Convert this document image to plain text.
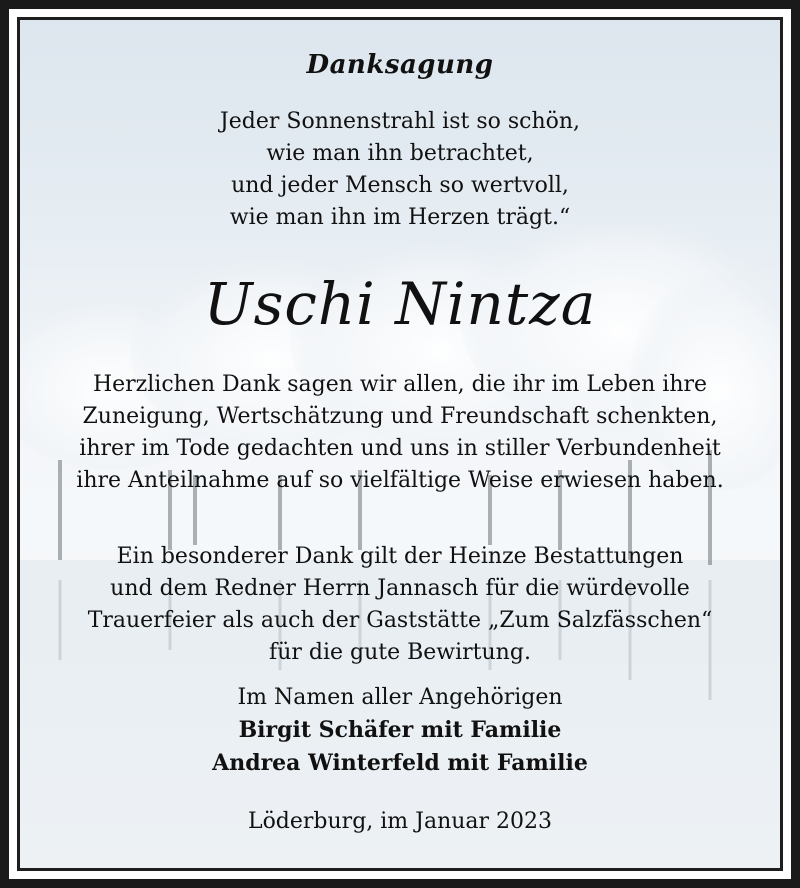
Danksagung
Jeder Sonnenstrahl ist so schön,
wie man ihn betrachtet,
und jeder Mensch so wertvoll,
wie man ihn im Herzen trägt.“
Uschi Nintza
Herzlichen Dank sagen wir allen, die ihr im Leben ihre
Zuneigung, Wertschätzung und Freundschaft schenkten,
ihrer im Tode gedachten und uns in stiller Verbundenheit
ihre Anteilnahme auf so vielfältige Weise erwiesen haben.
Ein besonderer Dank gilt der Heinze Bestattungen
und dem Redner Herrn Jannasch für die würdevolle
Trauerfeier als auch der Gaststätte „Zum Salzfässchen“
für die gute Bewirtung.
Im Namen aller Angehörigen
Birgit Schäfer mit Familie
Andrea Winterfeld mit Familie
Löderburg, im Januar 2023
